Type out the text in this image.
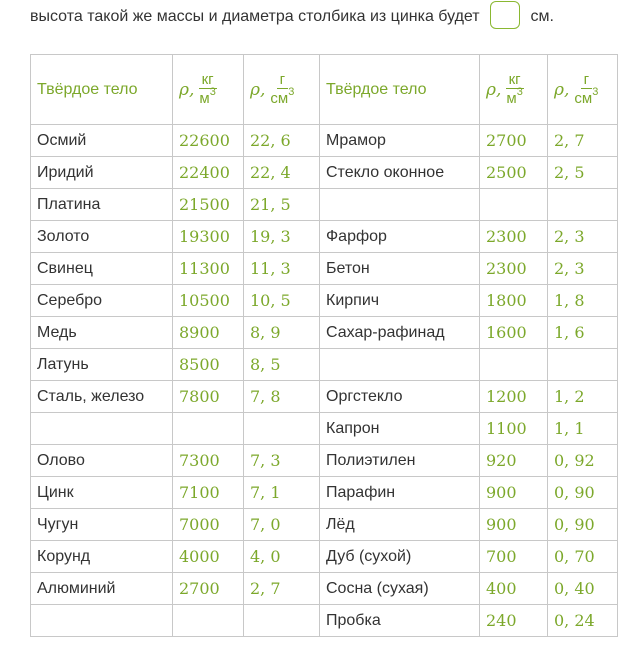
высота такой же массы и диаметра столбика из цинка будет	см.
Твёрдое тело	ρ, $\frac{кг}{м^3}$	ρ, $\frac{г}{см^3}$	Твёрдое тело	ρ, $\frac{кг}{м^3}$	ρ, $\frac{г}{см^3}$

Осмий	22600	22, 6	Мрамор	2700	2, 7
Иридий	22400	22, 4	Стекло оконное	2500	2, 5
Платина	21500	21, 5			
Золото	19300	19, 3	Фарфор	2300	2, 3
Свинец	11300	11, 3	Бетон	2300	2, 3
Серебро	10500	10, 5	Кирпич	1800	1, 8
Медь	8900	8, 9	Сахар-рафинад	1600	1, 6
Латунь	8500	8, 5			
Сталь, железо	7800	7, 8	Оргстекло	1200	1, 2
			Капрон	1100	1, 1
Олово	7300	7, 3	Полиэтилен	920	0, 92
Цинк	7100	7, 1	Парафин	900	0, 90
Чугун	7000	7, 0	Лёд	900	0, 90
Корунд	4000	4, 0	Дуб (сухой)	700	0, 70
Алюминий	2700	2, 7	Сосна (сухая)	400	0, 40
			Пробка	240	0, 24
